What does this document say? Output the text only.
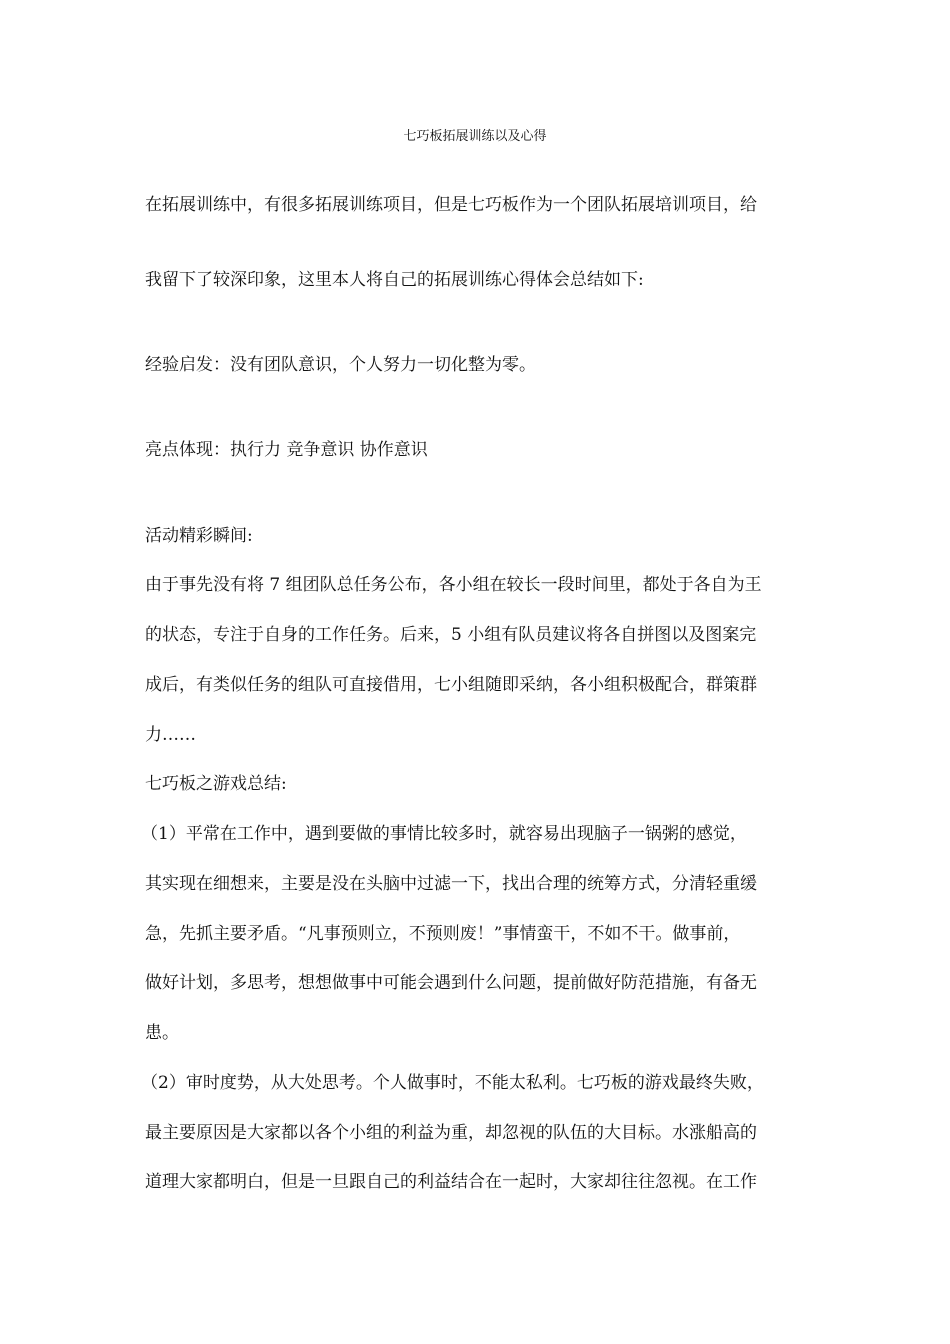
七巧板拓展训练以及心得

在拓展训练中，有很多拓展训练项目，但是七巧板作为一个团队拓展培训项目，给

我留下了较深印象，这里本人将自己的拓展训练心得体会总结如下:

经验启发：没有团队意识，个人努力一切化整为零。

亮点体现：执行力 竞争意识 协作意识

活动精彩瞬间:

由于事先没有将 7 组团队总任务公布，各小组在较长一段时间里，都处于各自为王

的状态，专注于自身的工作任务。后来，5 小组有队员建议将各自拼图以及图案完

成后，有类似任务的组队可直接借用，七小组随即采纳，各小组积极配合，群策群

力……

七巧板之游戏总结:

（1）平常在工作中，遇到要做的事情比较多时，就容易出现脑子一锅粥的感觉，

其实现在细想来，主要是没在头脑中过滤一下，找出合理的统筹方式，分清轻重缓

急，先抓主要矛盾。“凡事预则立，不预则废！”事情蛮干，不如不干。做事前，

做好计划，多思考，想想做事中可能会遇到什么问题，提前做好防范措施，有备无

患。

（2）审时度势，从大处思考。个人做事时，不能太私利。七巧板的游戏最终失败，

最主要原因是大家都以各个小组的利益为重，却忽视的队伍的大目标。水涨船高的

道理大家都明白，但是一旦跟自己的利益结合在一起时，大家却往往忽视。在工作
